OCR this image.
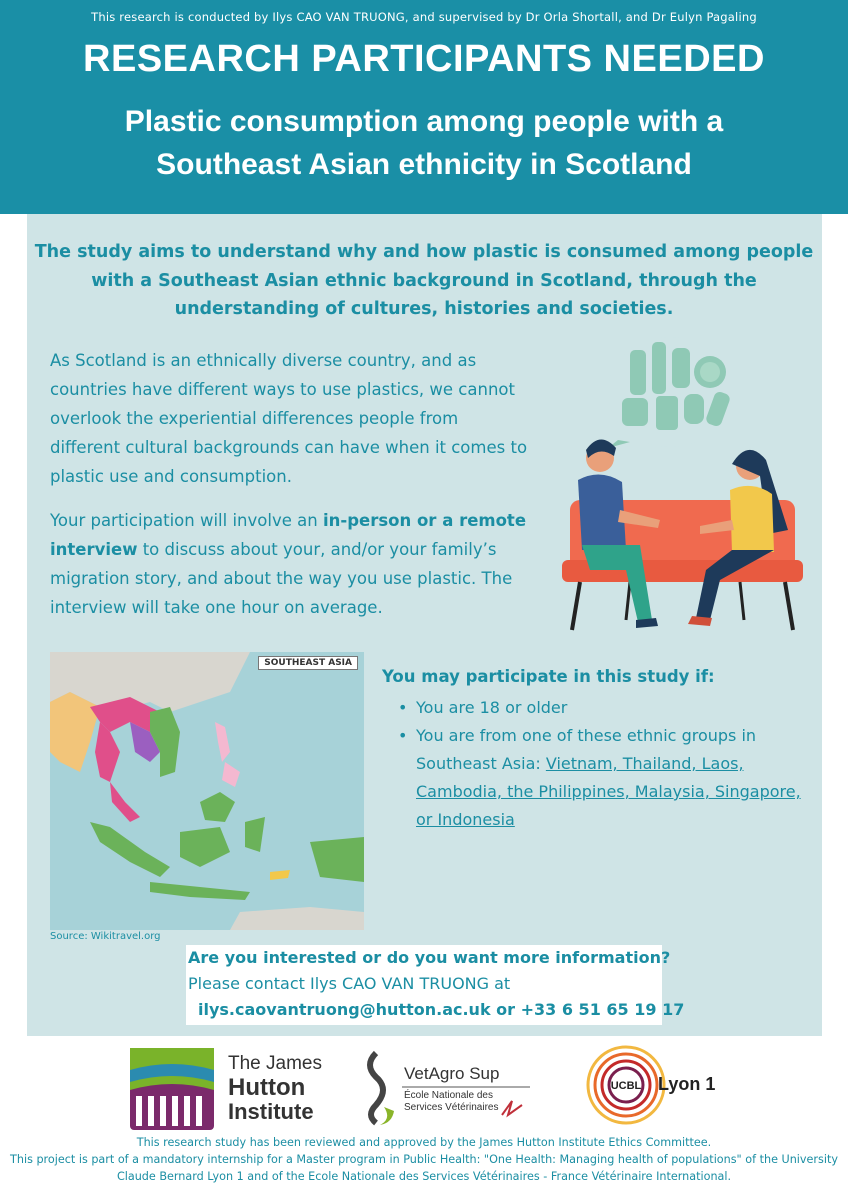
This research is conducted by Ilys CAO VAN TRUONG, and supervised by Dr Orla Shortall, and Dr Eulyn Pagaling
RESEARCH PARTICIPANTS NEEDED
Plastic consumption among people with a Southeast Asian ethnicity in Scotland
The study aims to understand why and how plastic is consumed among people with a Southeast Asian ethnic background in Scotland, through the understanding of cultures, histories and societies.
As Scotland is an ethnically diverse country, and as countries have different ways to use plastics, we cannot overlook the experiential differences people from different cultural backgrounds can have when it comes to plastic use and consumption.
Your participation will involve an in-person or a remote interview to discuss about your, and/or your family’s migration story, and about the way you use plastic. The interview will take one hour on average.
SOUTHEAST ASIA
Source: Wikitravel.org
You may participate in this study if:
• You are 18 or older
• You are from one of these ethnic groups in Southeast Asia: Vietnam, Thailand, Laos, Cambodia, the Philippines, Malaysia, Singapore, or Indonesia
Are you interested or do you want more information?
Please contact Ilys CAO VAN TRUONG at
ilys.caovantruong@hutton.ac.uk or +33 6 51 65 19 17
The James
Hutton
Institute
VetAgro Sup
École Nationale des Services Vétérinaires
UCBL Lyon 1
This research study has been reviewed and approved by the James Hutton Institute Ethics Committee.
This project is part of a mandatory internship for a Master program in Public Health: "One Health: Managing health of populations" of the University Claude Bernard Lyon 1 and of the Ecole Nationale des Services Vétérinaires - France Vétérinaire International.
